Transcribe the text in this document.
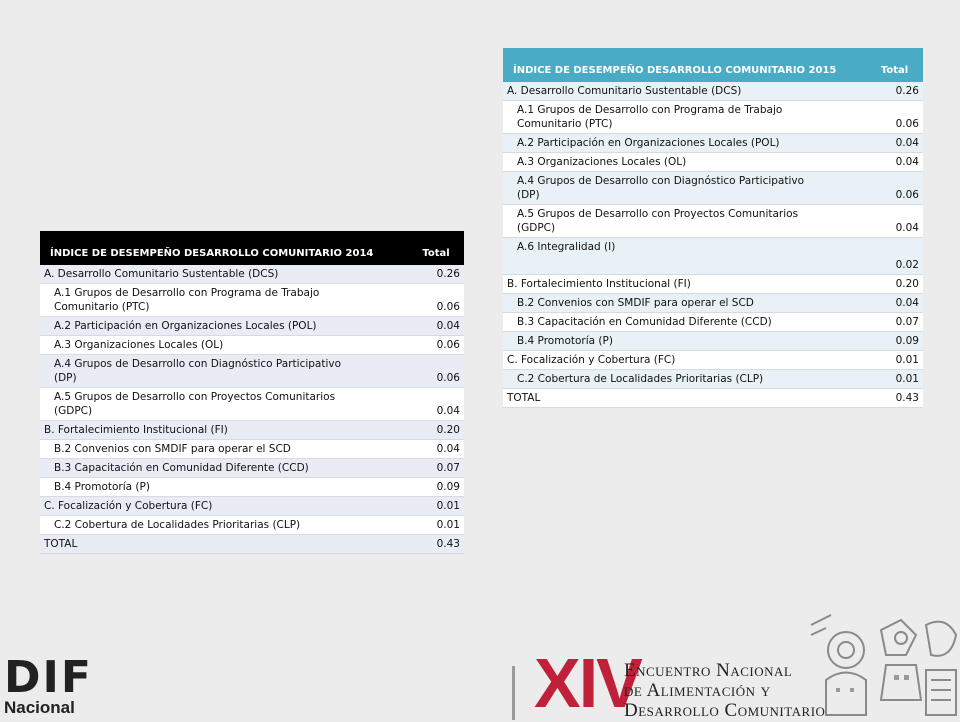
ÍNDICE DE DESEMPEÑO DESARROLLO COMUNITARIO 2014	Total
A. Desarrollo Comunitario Sustentable (DCS)	0.26
A.1 Grupos de Desarrollo con Programa de Trabajo
Comunitario (PTC)	0.06
A.2 Participación en Organizaciones Locales (POL)	0.04
A.3 Organizaciones Locales (OL)	0.06
A.4 Grupos de Desarrollo con Diagnóstico Participativo
(DP)	0.06
A.5 Grupos de Desarrollo con Proyectos Comunitarios
(GDPC)	0.04
B. Fortalecimiento Institucional (FI)	0.20
B.2 Convenios con SMDIF para operar el SCD	0.04
B.3 Capacitación en Comunidad Diferente (CCD)	0.07
B.4 Promotoría (P)	0.09
C. Focalización y Cobertura (FC)	0.01
C.2 Cobertura de Localidades Prioritarias (CLP)	0.01
TOTAL	0.43
ÍNDICE DE DESEMPEÑO DESARROLLO COMUNITARIO 2015	Total
A. Desarrollo Comunitario Sustentable (DCS)	0.26
A.1 Grupos de Desarrollo con Programa de Trabajo
Comunitario (PTC)	0.06
A.2 Participación en Organizaciones Locales (POL)	0.04
A.3 Organizaciones Locales (OL)	0.04
A.4 Grupos de Desarrollo con Diagnóstico Participativo
(DP)	0.06
A.5 Grupos de Desarrollo con Proyectos Comunitarios
(GDPC)	0.04
A.6 Integralidad (I)	0.02
B. Fortalecimiento Institucional (FI)	0.20
B.2 Convenios con SMDIF para operar el SCD	0.04
B.3 Capacitación en Comunidad Diferente (CCD)	0.07
B.4 Promotoría (P)	0.09
C. Focalización y Cobertura (FC)	0.01
C.2 Cobertura de Localidades Prioritarias (CLP)	0.01
TOTAL	0.43
DIF
Nacional	XIV
Encuentro Nacional
de Alimentación y
Desarrollo Comunitario
